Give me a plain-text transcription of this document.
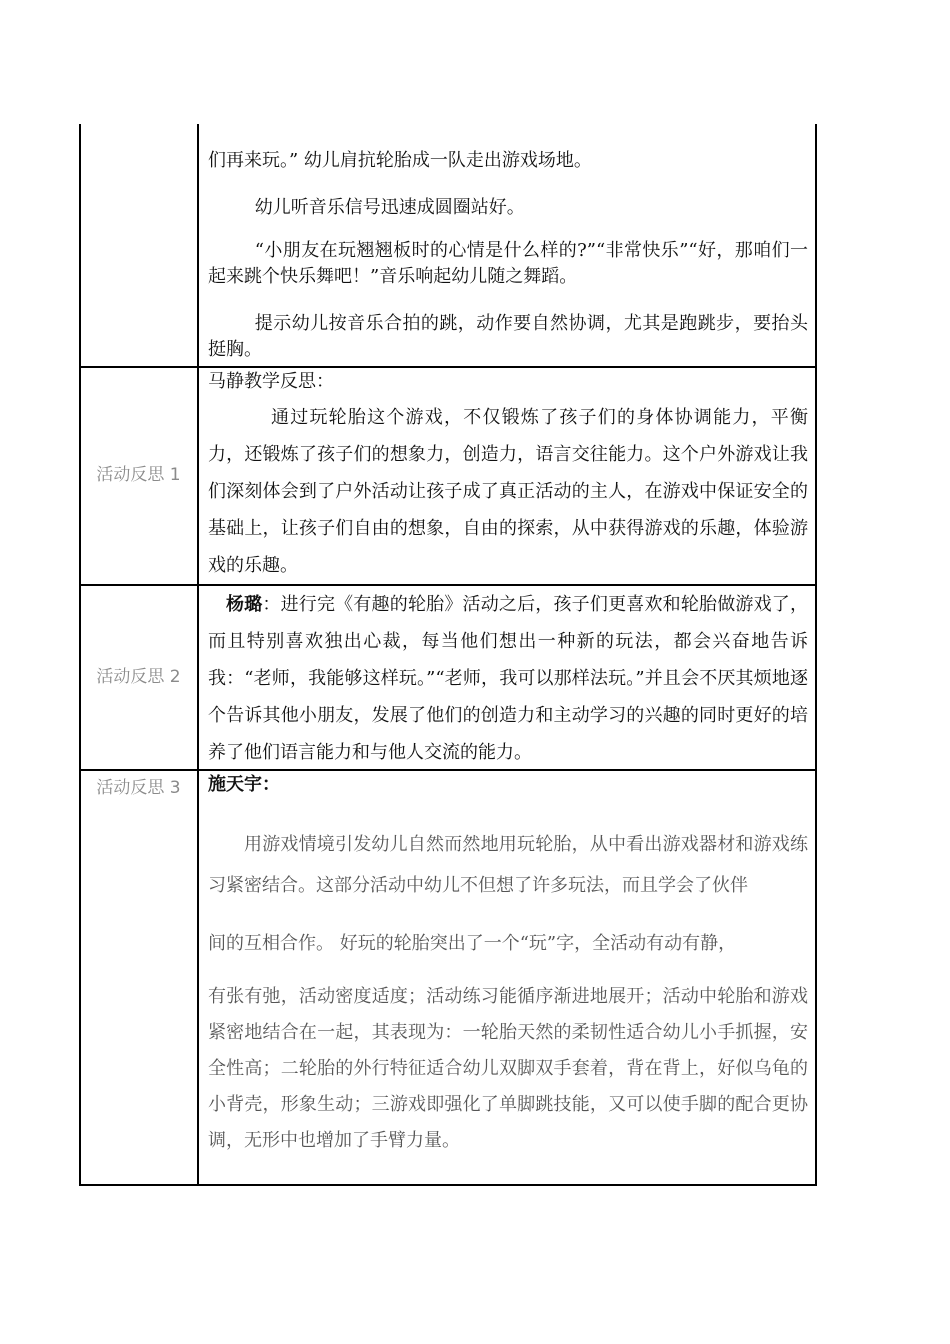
们再来玩。” 幼儿肩抗轮胎成一队走出游戏场地。

幼儿听音乐信号迅速成圆圈站好。

“小朋友在玩翘翘板时的心情是什么样的?”“非常快乐”“好，那咱们一起来跳个快乐舞吧！”音乐响起幼儿随之舞蹈。

提示幼儿按音乐合拍的跳，动作要自然协调，尤其是跑跳步，要抬头挺胸。

活动反思 1

马静教学反思：

通过玩轮胎这个游戏，不仅锻炼了孩子们的身体协调能力，平衡力，还锻炼了孩子们的想象力，创造力，语言交往能力。这个户外游戏让我们深刻体会到了户外活动让孩子成了真正活动的主人，在游戏中保证安全的基础上，让孩子们自由的想象，自由的探索，从中获得游戏的乐趣，体验游戏的乐趣。

活动反思 2

杨璐：进行完《有趣的轮胎》活动之后，孩子们更喜欢和轮胎做游戏了，而且特别喜欢独出心裁，每当他们想出一种新的玩法，都会兴奋地告诉我：“老师，我能够这样玩。”“老师，我可以那样法玩。”并且会不厌其烦地逐个告诉其他小朋友，发展了他们的创造力和主动学习的兴趣的同时更好的培养了他们语言能力和与他人交流的能力。

活动反思 3	施天宇：

用游戏情境引发幼儿自然而然地用玩轮胎，从中看出游戏器材和游戏练习紧密结合。这部分活动中幼儿不但想了许多玩法，而且学会了伙伴

间的互相合作。 好玩的轮胎突出了一个“玩”字，全活动有动有静，

有张有弛，活动密度适度；活动练习能循序渐进地展开；活动中轮胎和游戏紧密地结合在一起，其表现为：一轮胎天然的柔韧性适合幼儿小手抓握，安全性高；二轮胎的外行特征适合幼儿双脚双手套着，背在背上，好似乌龟的小背壳，形象生动；三游戏即强化了单脚跳技能，又可以使手脚的配合更协调，无形中也增加了手臂力量。
